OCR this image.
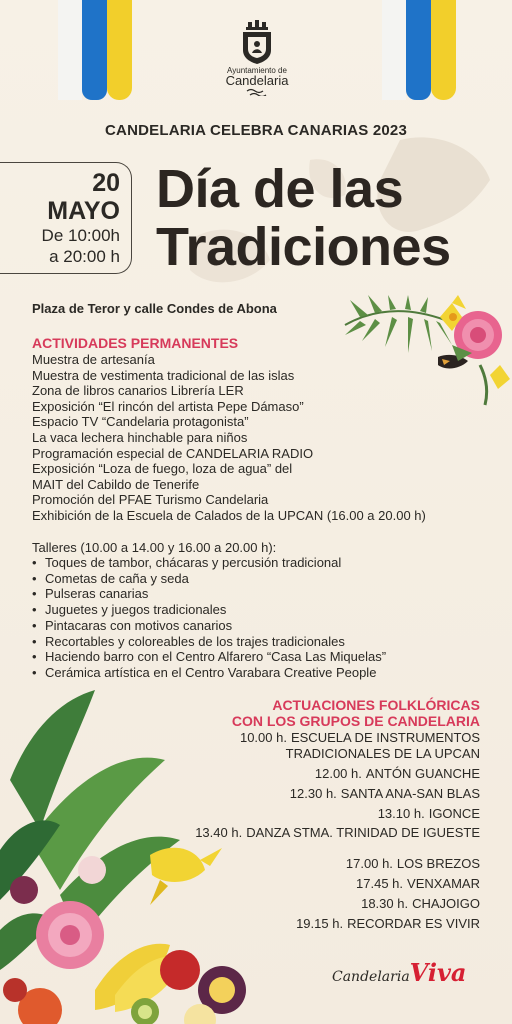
Ayuntamiento de
Candelaria
CANDELARIA CELEBRA CANARIAS 2023
20
MAYO
De 10:00h
a 20:00 h
Día de las
Tradiciones
Plaza de Teror y calle Condes de Abona
ACTIVIDADES PERMANENTES
Muestra de artesanía
Muestra de vestimenta tradicional de las islas
Zona de libros canarios Librería LER
Exposición “El rincón del artista Pepe Dámaso”
Espacio TV “Candelaria protagonista”
La vaca lechera hinchable para niños
Programación especial de CANDELARIA RADIO
Exposición “Loza de fuego, loza de agua” del
MAIT del Cabildo de Tenerife
Promoción del PFAE Turismo Candelaria
Exhibición de la Escuela de Calados de la UPCAN (16.00 a 20.00 h)
Talleres (10.00 a 14.00 y 16.00 a 20.00 h):
• Toques de tambor, chácaras y percusión tradicional
• Cometas de caña y seda
• Pulseras canarias
• Juguetes y juegos tradicionales
• Pintacaras con motivos canarios
• Recortables y coloreables de los trajes tradicionales
• Haciendo barro con el Centro Alfarero “Casa Las Miquelas”
• Cerámica artística en el Centro Varabara Creative People
ACTUACIONES FOLKLÓRICAS
CON LOS GRUPOS DE CANDELARIA
10.00 h. ESCUELA DE INSTRUMENTOS
TRADICIONALES DE LA UPCAN
12.00 h. ANTÓN GUANCHE
12.30 h. SANTA ANA-SAN BLAS
13.10 h. IGONCE
13.40 h. DANZA STMA. TRINIDAD DE IGUESTE
17.00 h. LOS BREZOS
17.45 h. VENXAMAR
18.30 h. CHAJOIGO
19.15 h. RECORDAR ES VIVIR
CandelariaViva
